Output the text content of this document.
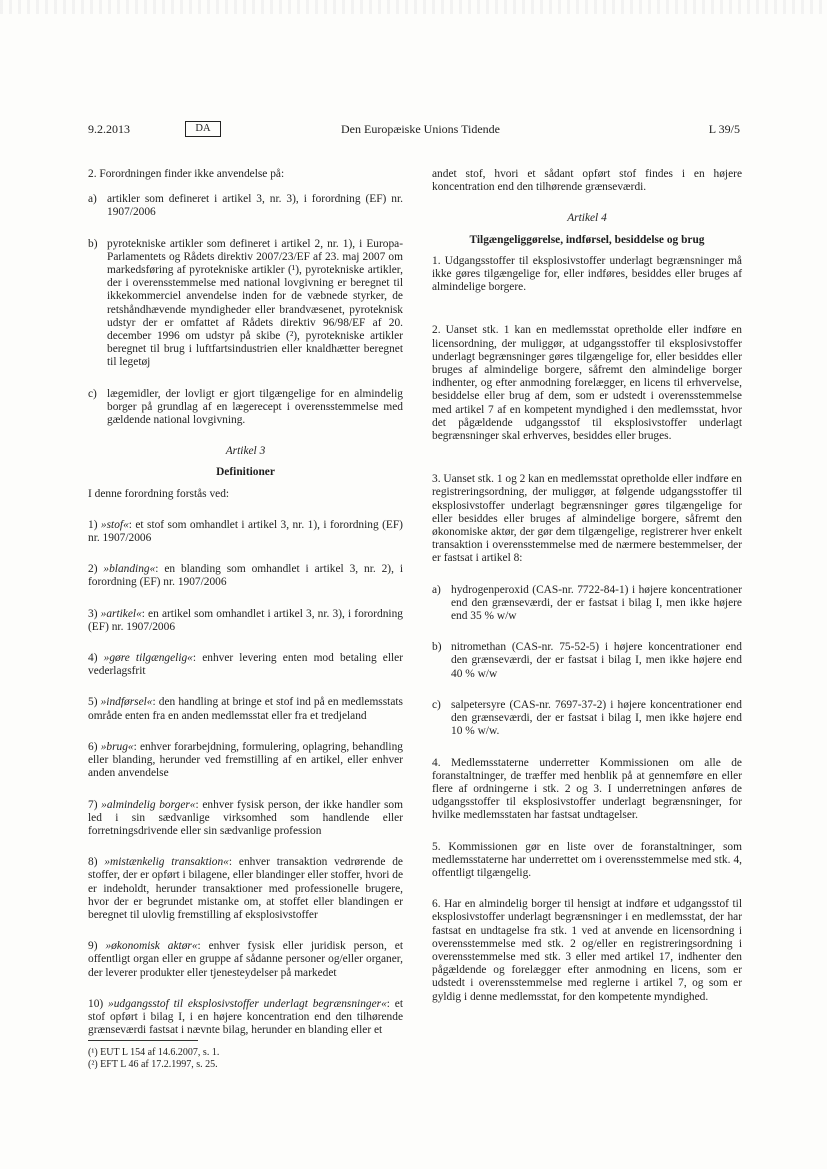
9.2.2013	DA	Den Europæiske Unions Tidende	L 39/5

2. Forordningen finder ikke anvendelse på:

a) artikler som defineret i artikel 3, nr. 3), i forordning (EF) nr. 1907/2006
b) pyrotekniske artikler som defineret i artikel 2, nr. 1), i Europa-Parlamentets og Rådets direktiv 2007/23/EF af 23. maj 2007 om markedsføring af pyrotekniske artikler (¹), pyrotekniske artikler, der i overensstemmelse med national lovgivning er beregnet til ikkekommerciel anvendelse inden for de væbnede styrker, de retshåndhævende myndigheder eller brandvæsenet, pyroteknisk udstyr der er omfattet af Rådets direktiv 96/98/EF af 20. december 1996 om udstyr på skibe (²), pyrotekniske artikler beregnet til brug i luftfartsindustrien eller knaldhætter beregnet til legetøj
c) lægemidler, der lovligt er gjort tilgængelige for en almindelig borger på grundlag af en lægerecept i overensstemmelse med gældende national lovgivning.

Artikel 3

Definitioner

I denne forordning forstås ved:

1) »stof«: et stof som omhandlet i artikel 3, nr. 1), i forordning (EF) nr. 1907/2006

2) »blanding«: en blanding som omhandlet i artikel 3, nr. 2), i forordning (EF) nr. 1907/2006

3) »artikel«: en artikel som omhandlet i artikel 3, nr. 3), i forordning (EF) nr. 1907/2006

4) »gøre tilgængelig«: enhver levering enten mod betaling eller vederlagsfrit

5) »indførsel«: den handling at bringe et stof ind på en medlemsstats område enten fra en anden medlemsstat eller fra et tredjeland

6) »brug«: enhver forarbejdning, formulering, oplagring, behandling eller blanding, herunder ved fremstilling af en artikel, eller enhver anden anvendelse

7) »almindelig borger«: enhver fysisk person, der ikke handler som led i sin sædvanlige virksomhed som handlende eller forretningsdrivende eller sin sædvanlige profession

8) »mistænkelig transaktion«: enhver transaktion vedrørende de stoffer, der er opført i bilagene, eller blandinger eller stoffer, hvori de er indeholdt, herunder transaktioner med professionelle brugere, hvor der er begrundet mistanke om, at stoffet eller blandingen er beregnet til ulovlig fremstilling af eksplosivstoffer

9) »økonomisk aktør«: enhver fysisk eller juridisk person, et offentligt organ eller en gruppe af sådanne personer og/eller organer, der leverer produkter eller tjenesteydelser på markedet

10) »udgangsstof til eksplosivstoffer underlagt begrænsninger«: et stof opført i bilag I, i en højere koncentration end den tilhørende grænseværdi fastsat i nævnte bilag, herunder en blanding eller et

(¹) EUT L 154 af 14.6.2007, s. 1.

(²) EFT L 46 af 17.2.1997, s. 25.

andet stof, hvori et sådant opført stof findes i en højere koncentration end den tilhørende grænseværdi.

Artikel 4

Tilgængeliggørelse, indførsel, besiddelse og brug

1. Udgangsstoffer til eksplosivstoffer underlagt begrænsninger må ikke gøres tilgængelige for, eller indføres, besiddes eller bruges af almindelige borgere.

2. Uanset stk. 1 kan en medlemsstat opretholde eller indføre en licensordning, der muliggør, at udgangsstoffer til eksplosivstoffer underlagt begrænsninger gøres tilgængelige for, eller besiddes eller bruges af almindelige borgere, såfremt den almindelige borger indhenter, og efter anmodning forelægger, en licens til erhvervelse, besiddelse eller brug af dem, som er udstedt i overensstemmelse med artikel 7 af en kompetent myndighed i den medlemsstat, hvor det pågældende udgangsstof til eksplosivstoffer underlagt begrænsninger skal erhverves, besiddes eller bruges.

3. Uanset stk. 1 og 2 kan en medlemsstat opretholde eller indføre en registreringsordning, der muliggør, at følgende udgangsstoffer til eksplosivstoffer underlagt begrænsninger gøres tilgængelige for eller besiddes eller bruges af almindelige borgere, såfremt den økonomiske aktør, der gør dem tilgængelige, registrerer hver enkelt transaktion i overensstemmelse med de nærmere bestemmelser, der er fastsat i artikel 8:

a) hydrogenperoxid (CAS-nr. 7722-84-1) i højere koncentrationer end den grænseværdi, der er fastsat i bilag I, men ikke højere end 35 % w/w
b) nitromethan (CAS-nr. 75-52-5) i højere koncentrationer end den grænseværdi, der er fastsat i bilag I, men ikke højere end 40 % w/w
c) salpetersyre (CAS-nr. 7697-37-2) i højere koncentrationer end den grænseværdi, der er fastsat i bilag I, men ikke højere end 10 % w/w.

4. Medlemsstaterne underretter Kommissionen om alle de foranstaltninger, de træffer med henblik på at gennemføre en eller flere af ordningerne i stk. 2 og 3. I underretningen anføres de udgangsstoffer til eksplosivstoffer underlagt begrænsninger, for hvilke medlemsstaten har fastsat undtagelser.

5. Kommissionen gør en liste over de foranstaltninger, som medlemsstaterne har underrettet om i overensstemmelse med stk. 4, offentligt tilgængelig.

6. Har en almindelig borger til hensigt at indføre et udgangsstof til eksplosivstoffer underlagt begrænsninger i en medlemsstat, der har fastsat en undtagelse fra stk. 1 ved at anvende en licensordning i overensstemmelse med stk. 2 og/eller en registreringsordning i overensstemmelse med stk. 3 eller med artikel 17, indhenter den pågældende og forelægger efter anmodning en licens, som er udstedt i overensstemmelse med reglerne i artikel 7, og som er gyldig i denne medlemsstat, for den kompetente myndighed.
